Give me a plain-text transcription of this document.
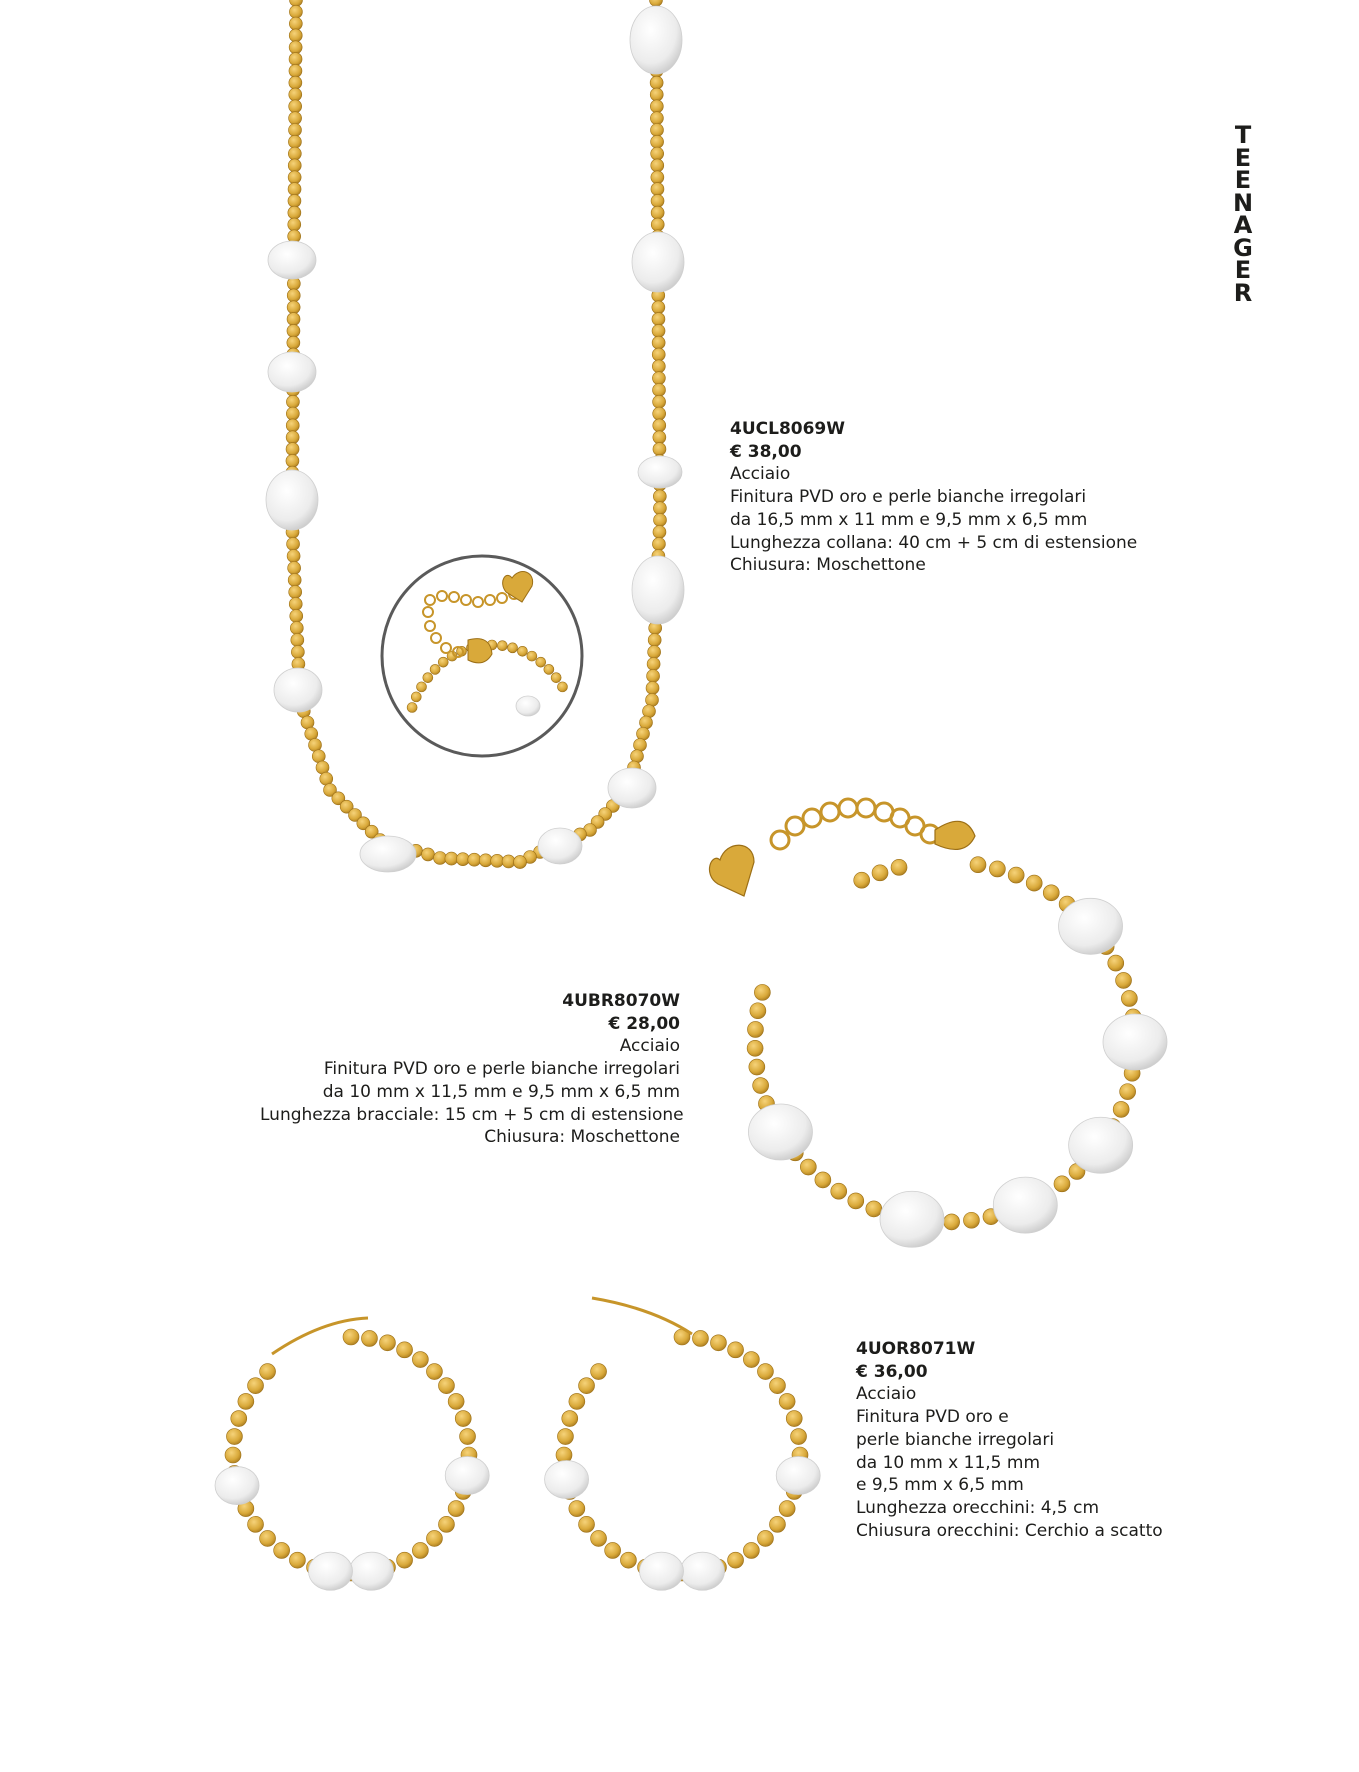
T
E
E
N
A
G
E
R
4UCL8069W
€ 38,00
Acciaio
Finitura PVD oro e perle bianche irregolari
da 16,5 mm x 11 mm e 9,5 mm x 6,5 mm
Lunghezza collana: 40 cm + 5 cm di estensione
Chiusura: Moschettone
4UBR8070W
€ 28,00
Acciaio
Finitura PVD oro e perle bianche irregolari
da 10 mm x 11,5 mm e 9,5 mm x 6,5 mm
Lunghezza bracciale: 15 cm + 5 cm di estensione
Chiusura: Moschettone
4UOR8071W
€ 36,00
Acciaio
Finitura PVD oro e
perle bianche irregolari
da 10 mm x 11,5 mm
e 9,5 mm x 6,5 mm
Lunghezza orecchini: 4,5 cm
Chiusura orecchini: Cerchio a scatto
